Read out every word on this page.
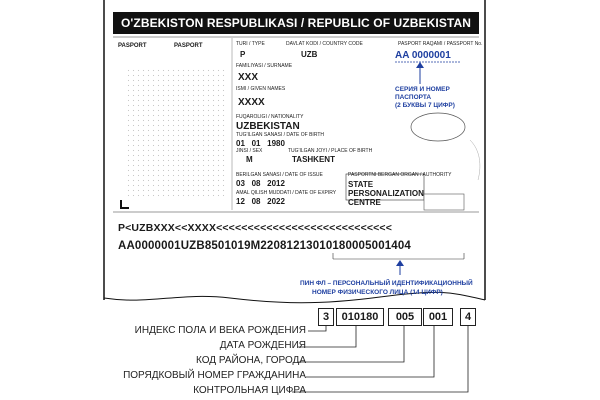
O'ZBEKISTON RESPUBLIKASI / REPUBLIC OF UZBEKISTAN
PASPORT	PASPORT	TURI / TYPE
P
DAVLAT KODI / COUNTRY CODE
UZB
PASPORT RAQAMI / PASSPORT No.
AA 0000001
FAMILIYASI / SURNAME
XXX
ISMI / GIVEN NAMES
XXXX
FUQAROLIGI / NATIONALITY
UZBEKISTAN
TUG'ILGAN SANASI / DATE OF BIRTH
01   01   1980
JINSI / SEX
M
TUG'ILGAN JOYI / PLACE OF BIRTH
TASHKENT
BERILGAN SANASI / DATE OF ISSUE
03   08   2012
AMAL QILISH MUDDATI / DATE OF EXPIRY
12   08   2022
PASPORTNI BERGAN ORGAN / AUTHORITY
STATE PERSONALIZATION CENTRE
СЕРИЯ И НОМЕР
ПАСПОРТА
(2 БУКВЫ 7 ЦИФР)
P<UZBXXX<<XXXX<<<<<<<<<<<<<<<<<<<<<<<<<<<<
AA0000001UZB8501019M22081213010180005001404
ПИН ФЛ – ПЕРСОНАЛЬНЫЙ ИДЕНТИФИКАЦИОННЫЙ
НОМЕР ФИЗИЧЕСКОГО ЛИЦА (14 ЦИФР)
3	010180	005	001	4
ИНДЕКС ПОЛА И ВЕКА РОЖДЕНИЯ
ДАТА РОЖДЕНИЯ
КОД РАЙОНА, ГОРОДА
ПОРЯДКОВЫЙ НОМЕР ГРАЖДАНИНА
КОНТРОЛЬНАЯ ЦИФРА
